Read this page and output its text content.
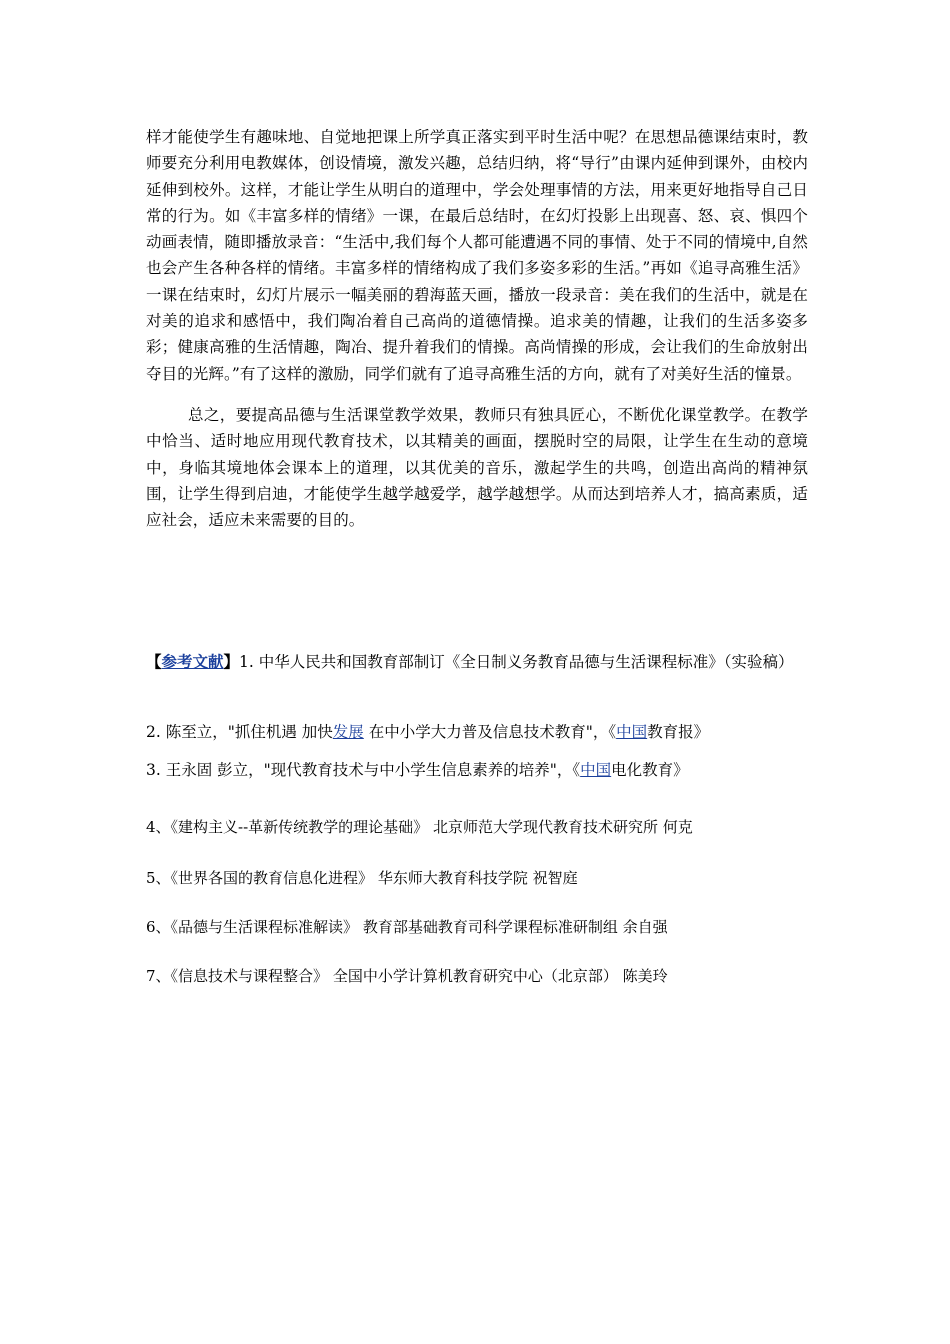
样才能使学生有趣味地、自觉地把课上所学真正落实到平时生活中呢？在思想品德课结束时，教师要充分利用电教媒体，创设情境，激发兴趣，总结归纳，将“导行”由课内延伸到课外，由校内延伸到校外。这样，才能让学生从明白的道理中，学会处理事情的方法，用来更好地指导自己日常的行为。如《丰富多样的情绪》一课，在最后总结时，在幻灯投影上出现喜、怒、哀、惧四个动画表情，随即播放录音：“生活中,我们每个人都可能遭遇不同的事情、处于不同的情境中,自然也会产生各种各样的情绪。丰富多样的情绪构成了我们多姿多彩的生活。”再如《追寻高雅生活》一课在结束时，幻灯片展示一幅美丽的碧海蓝天画，播放一段录音：美在我们的生活中，就是在对美的追求和感悟中，我们陶冶着自己高尚的道德情操。追求美的情趣，让我们的生活多姿多彩；健康高雅的生活情趣，陶冶、提升着我们的情操。高尚情操的形成，会让我们的生命放射出夺目的光辉。”有了这样的激励，同学们就有了追寻高雅生活的方向，就有了对美好生活的憧景。

总之，要提高品德与生活课堂教学效果，教师只有独具匠心，不断优化课堂教学。在教学中恰当、适时地应用现代教育技术，以其精美的画面，摆脱时空的局限，让学生在生动的意境中，身临其境地体会课本上的道理，以其优美的音乐，激起学生的共鸣，创造出高尚的精神氛围，让学生得到启迪，才能使学生越学越爱学，越学越想学。从而达到培养人才，搞高素质，适应社会，适应未来需要的目的。

【参考文献】1. 中华人民共和国教育部制订《全日制义务教育品德与生活课程标准》（实验稿）

2. 陈至立，"抓住机遇 加快发展 在中小学大力普及信息技术教育"，《中国教育报》

3. 王永固 彭立，"现代教育技术与中小学生信息素养的培养"，《中国电化教育》

4、《建构主义--革新传统教学的理论基础》 北京师范大学现代教育技术研究所 何克

5、《世界各国的教育信息化进程》 华东师大教育科技学院 祝智庭

6、《品德与生活课程标准解读》 教育部基础教育司科学课程标准研制组 余自强

7、《信息技术与课程整合》 全国中小学计算机教育研究中心（北京部） 陈美玲
